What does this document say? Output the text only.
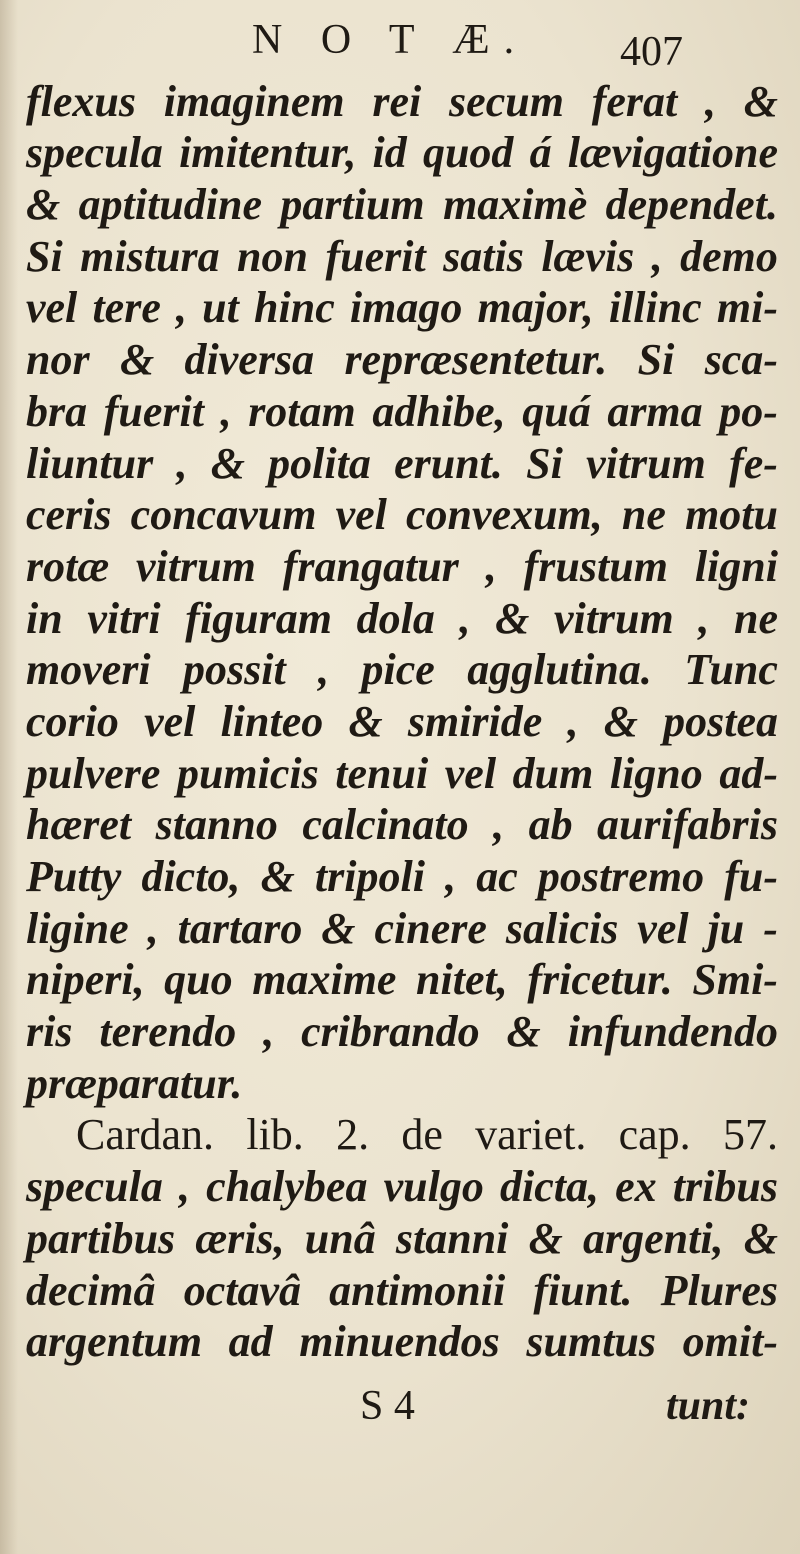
N O T Æ. 407
flexus imaginem rei secum ferat , &
specula imitentur, id quod á lævigatione
& aptitudine partium maximè dependet.
Si mistura non fuerit satis lævis , demo
vel tere , ut hinc imago major, illinc mi-
nor & diversa repræsentetur. Si sca-
bra fuerit , rotam adhibe, quá arma po-
liuntur , & polita erunt. Si vitrum fe-
ceris concavum vel convexum, ne motu
rotæ vitrum frangatur , frustum ligni
in vitri figuram dola , & vitrum , ne
moveri possit , pice agglutina. Tunc
corio vel linteo & smiride , & postea
pulvere pumicis tenui vel dum ligno ad-
hæret stanno calcinato , ab aurifabris
Putty dicto, & tripoli , ac postremo fu-
ligine , tartaro & cinere salicis vel ju -
niperi, quo maxime nitet, fricetur. Smi-
ris terendo , cribrando & infundendo
præparatur.
Cardan. lib. 2. de variet. cap. 57.
specula , chalybea vulgo dicta, ex tribus
partibus æris, unâ stanni & argenti, &
decimâ octavâ antimonii fiunt. Plures
argentum ad minuendos sumtus omit-
S 4	tunt:
